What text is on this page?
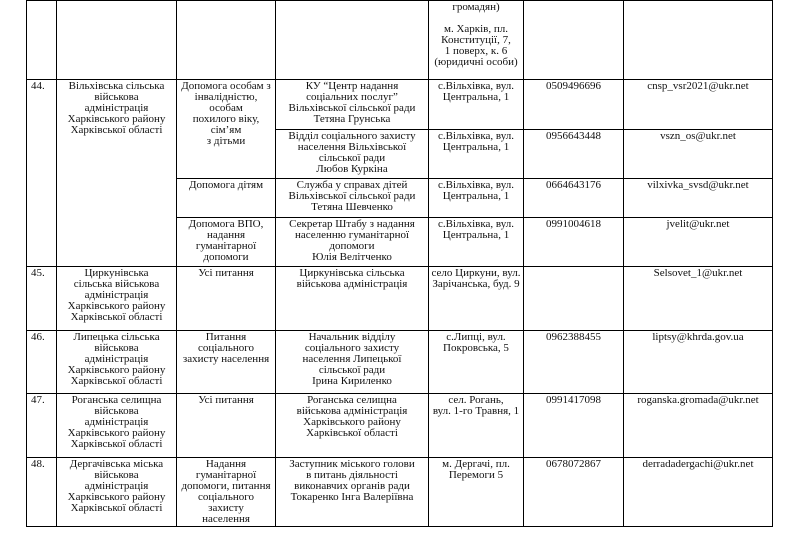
				громадян)

м. Харків, пл.
Конституції, 7,
1 поверх, к. 6
(юридичні особи)		
44.	Вільхівська сільська
військова
адміністрація
Харківського району
Харківської області	Допомога особам з
інвалідністю, особам
похилого віку, сім’ям
з дітьми	КУ “Центр надання
соціальних послуг”
Вільхівської сільської ради
Тетяна Грунська	с.Вільхівка, вул.
Центральна, 1	0509496696	cnsp_vsr2021@ukr.net
			Відділ соціального захисту
населення Вільхівської
сільської ради
Любов Куркіна	с.Вільхівка, вул.
Центральна, 1	0956643448	vszn_os@ukr.net
		Допомога дітям	Служба у справах дітей
Вільхівської сільської ради
Тетяна Шевченко	с.Вільхівка, вул.
Центральна, 1	0664643176	vilxivka_svsd@ukr.net
		Допомога ВПО,
надання гуманітарної
допомоги	Секретар Штабу з надання
населенню гуманітарної
допомоги
Юлія Велітченко	с.Вільхівка, вул.
Центральна, 1	0991004618	jvelit@ukr.net
45.	Циркунівська
сільська військова
адміністрація
Харківського району
Харківської області	Усі питання	Циркунівська сільська
військова адміністрація	село Циркуни, вул.
Зарічанська, буд. 9		Selsovet_1@ukr.net
46.	Липецька сільська
військова
адміністрація
Харківського району
Харківської області	Питання соціального
захисту населення	Начальник відділу
соціального захисту
населення Липецької
сільської ради
Ірина Кириленко	с.Липці, вул.
Покровська, 5	0962388455	liptsy@khrda.gov.ua
47.	Роганська селищна
військова
адміністрація
Харківського району
Харківської області	Усі питання	Роганська селищна
військова адміністрація
Харківського району
Харківської області	сел. Рогань,
вул. 1-го Травня, 1	0991417098	roganska.gromada@ukr.net
48.	Дергачівська міська
військова
адміністрація
Харківського району
Харківської області	Надання
гуманітарної
допомоги, питання
соціального захисту
населення	Заступник міського голови
в питань діяльності
виконавчих органів ради
Токаренко Інга Валеріївна	м. Дергачі, пл.
Перемоги 5	0678072867	derradadergachi@ukr.net
